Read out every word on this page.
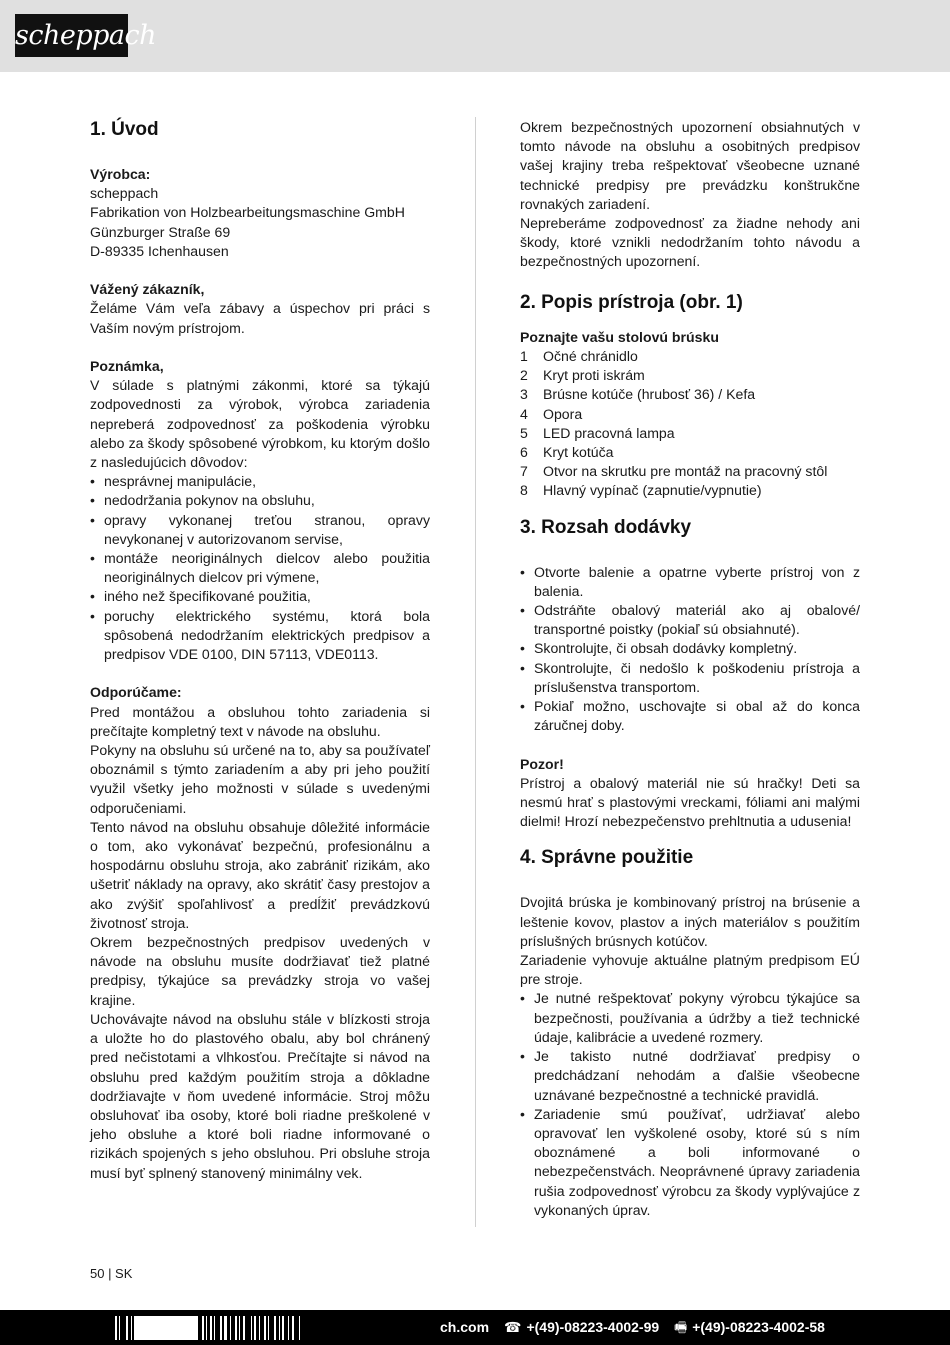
scheppach
1. Úvod

Výrobca:

scheppach

Fabrikation von Holzbearbeitungsmaschine GmbH

Günzburger Straße 69

D-89335 Ichenhausen

Vážený zákazník,

Želáme Vám veľa zábavy a úspechov pri práci s Vaším novým prístrojom.

Poznámka,

V súlade s platnými zákonmi, ktoré sa týkajú zodpovednosti za výrobok, výrobca zariadenia nepreberá zodpovednosť za poškodenia výrobku alebo za škody spôsobené výrobkom, ku ktorým došlo z nasledujúcich dôvodov:

• nesprávnej manipulácie,
• nedodržania pokynov na obsluhu,
• opravy vykonanej treťou stranou, opravy nevykonanej v autorizovanom servise,
• montáže neoriginálnych dielcov alebo použitia neoriginálnych dielcov pri výmene,
• iného než špecifikované použitia,
• poruchy elektrického systému, ktorá bola spôsobená nedodržaním elektrických predpisov a predpisov VDE 0100, DIN 57113, VDE0113.

Odporúčame:

Pred montážou a obsluhou tohto zariadenia si prečítajte kompletný text v návode na obsluhu.

Pokyny na obsluhu sú určené na to, aby sa používateľ oboznámil s týmto zariadením a aby pri jeho použití využil všetky jeho možnosti v súlade s uvedenými odporučeniami.

Tento návod na obsluhu obsahuje dôležité informácie o tom, ako vykonávať bezpečnú, profesionálnu a hospodárnu obsluhu stroja, ako zabrániť rizikám, ako ušetriť náklady na opravy, ako skrátiť časy prestojov a ako zvýšiť spoľahlivosť a predĺžiť prevádzkovú životnosť stroja.

Okrem bezpečnostných predpisov uvedených v návode na obsluhu musíte dodržiavať tiež platné predpisy, týkajúce sa prevádzky stroja vo vašej krajine.

Uchovávajte návod na obsluhu stále v blízkosti stroja a uložte ho do plastového obalu, aby bol chránený pred nečistotami a vlhkosťou. Prečítajte si návod na obsluhu pred každým použitím stroja a dôkladne dodržiavajte v ňom uvedené informácie. Stroj môžu obsluhovať iba osoby, ktoré boli riadne preškolené v jeho obsluhe a ktoré boli riadne informované o rizikách spojených s jeho obsluhou. Pri obsluhe stroja musí byť splnený stanovený minimálny vek.

Okrem bezpečnostných upozornení obsiahnutých v tomto návode na obsluhu a osobitných predpisov vašej krajiny treba rešpektovať všeobecne uznané technické predpisy pre prevádzku konštrukčne rovnakých zariadení.

Nepreberáme zodpovednosť za žiadne nehody ani škody, ktoré vznikli nedodržaním tohto návodu a bezpečnostných upozornení.

2. Popis prístroja (obr. 1)

Poznajte vašu stolovú brúsku

1	Očné chránidlo
2	Kryt proti iskrám
3	Brúsne kotúče (hrubosť 36) / Kefa
4	Opora
5	LED pracovná lampa
6	Kryt kotúča
7	Otvor na skrutku pre montáž na pracovný stôl
8	Hlavný vypínač (zapnutie/vypnutie)
3. Rozsah dodávky
• Otvorte balenie a opatrne vyberte prístroj von z balenia.
• Odstráňte obalový materiál ako aj obalové/ transportné poistky (pokiaľ sú obsiahnuté).
• Skontrolujte, či obsah dodávky kompletný.
• Skontrolujte, či nedošlo k poškodeniu prístroja a príslušenstva transportom.
• Pokiaľ možno, uschovajte si obal až do konca záručnej doby.

Pozor!

Prístroj a obalový materiál nie sú hračky! Deti sa nesmú hrať s plastovými vreckami, fóliami ani malými dielmi! Hrozí nebezpečenstvo prehltnutia a udusenia!

4. Správne použitie

Dvojitá brúska je kombinovaný prístroj na brúsenie a leštenie kovov, plastov a iných materiálov s použitím príslušných brúsnych kotúčov.

Zariadenie vyhovuje aktuálne platným predpisom EÚ pre stroje.

• Je nutné rešpektovať pokyny výrobcu týkajúce sa bezpečnosti, používania a údržby a tiež technické údaje, kalibrácie a uvedené rozmery.
• Je takisto nutné dodržiavať predpisy o predchádzaní nehodám a ďalšie všeobecne uznávané bezpečnostné a technické pravidlá.
• Zariadenie smú používať, udržiavať alebo opravovať len vyškolené osoby, ktoré sú s ním oboznámené a boli informované o nebezpečenstvách. Neoprávnené úpravy zariadenia rušia zodpovednosť výrobcu za škody vyplývajúce z vykonaných úprav.
50 | SK
ch.com ☎ +(49)-08223-4002-99 🖷 +(49)-08223-4002-58
